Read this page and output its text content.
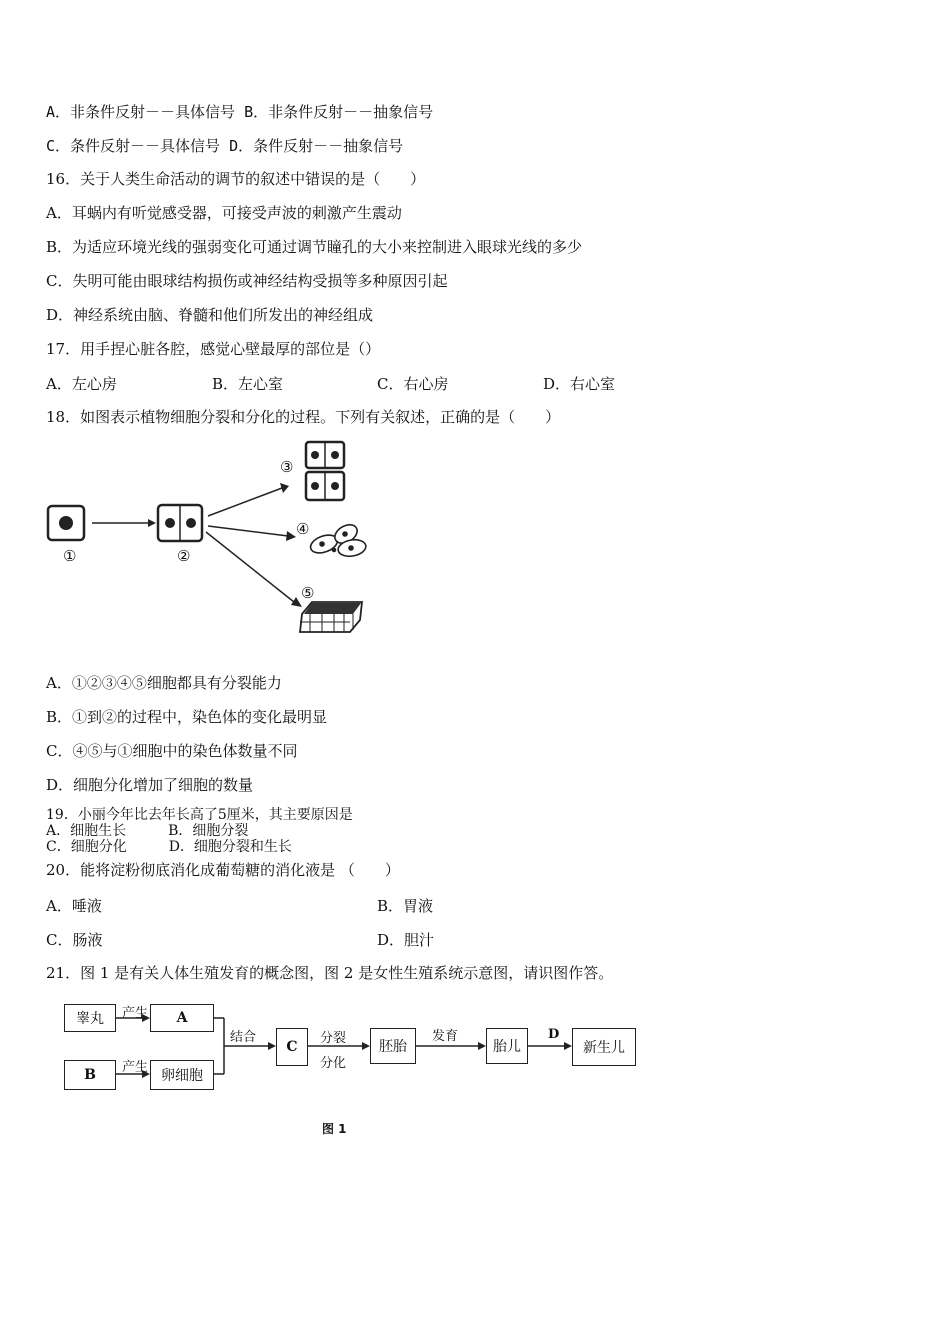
A．非条件反射－－具体信号 B．非条件反射－－抽象信号
C．条件反射－－具体信号 D．条件反射－－抽象信号
16．关于人类生命活动的调节的叙述中错误的是（　　）
A．耳蜗内有听觉感受器，可接受声波的刺激产生震动
B．为适应环境光线的强弱变化可通过调节瞳孔的大小来控制进入眼球光线的多少
C．失明可能由眼球结构损伤或神经结构受损等多种原因引起
D．神经系统由脑、脊髓和他们所发出的神经组成
17．用手捏心脏各腔，感觉心壁最厚的部位是（）
A．左心房	B．左心室	C．右心房	D．右心室
18．如图表示植物细胞分裂和分化的过程。下列有关叙述，正确的是（　　）
①	②
③
④
⑤
A．①②③④⑤细胞都具有分裂能力
B．①到②的过程中，染色体的变化最明显
C．④⑤与①细胞中的染色体数量不同
D．细胞分化增加了细胞的数量
19．小丽今年比去年长高了5厘米，其主要原因是
A．细胞生长　　　B．细胞分裂
C．细胞分化　　　D．细胞分裂和生长
20．能将淀粉彻底消化成葡萄糖的消化液是 （　　）
A．唾液	B．胃液
C．肠液	D．胆汁
21．图 1 是有关人体生殖发育的概念图，图 2 是女性生殖系统示意图，请识图作答。
睾丸	A
B	卵细胞
C	胚胎	胎儿	新生儿
产生
产生
结合	分裂
分化
发育	D
图 1
